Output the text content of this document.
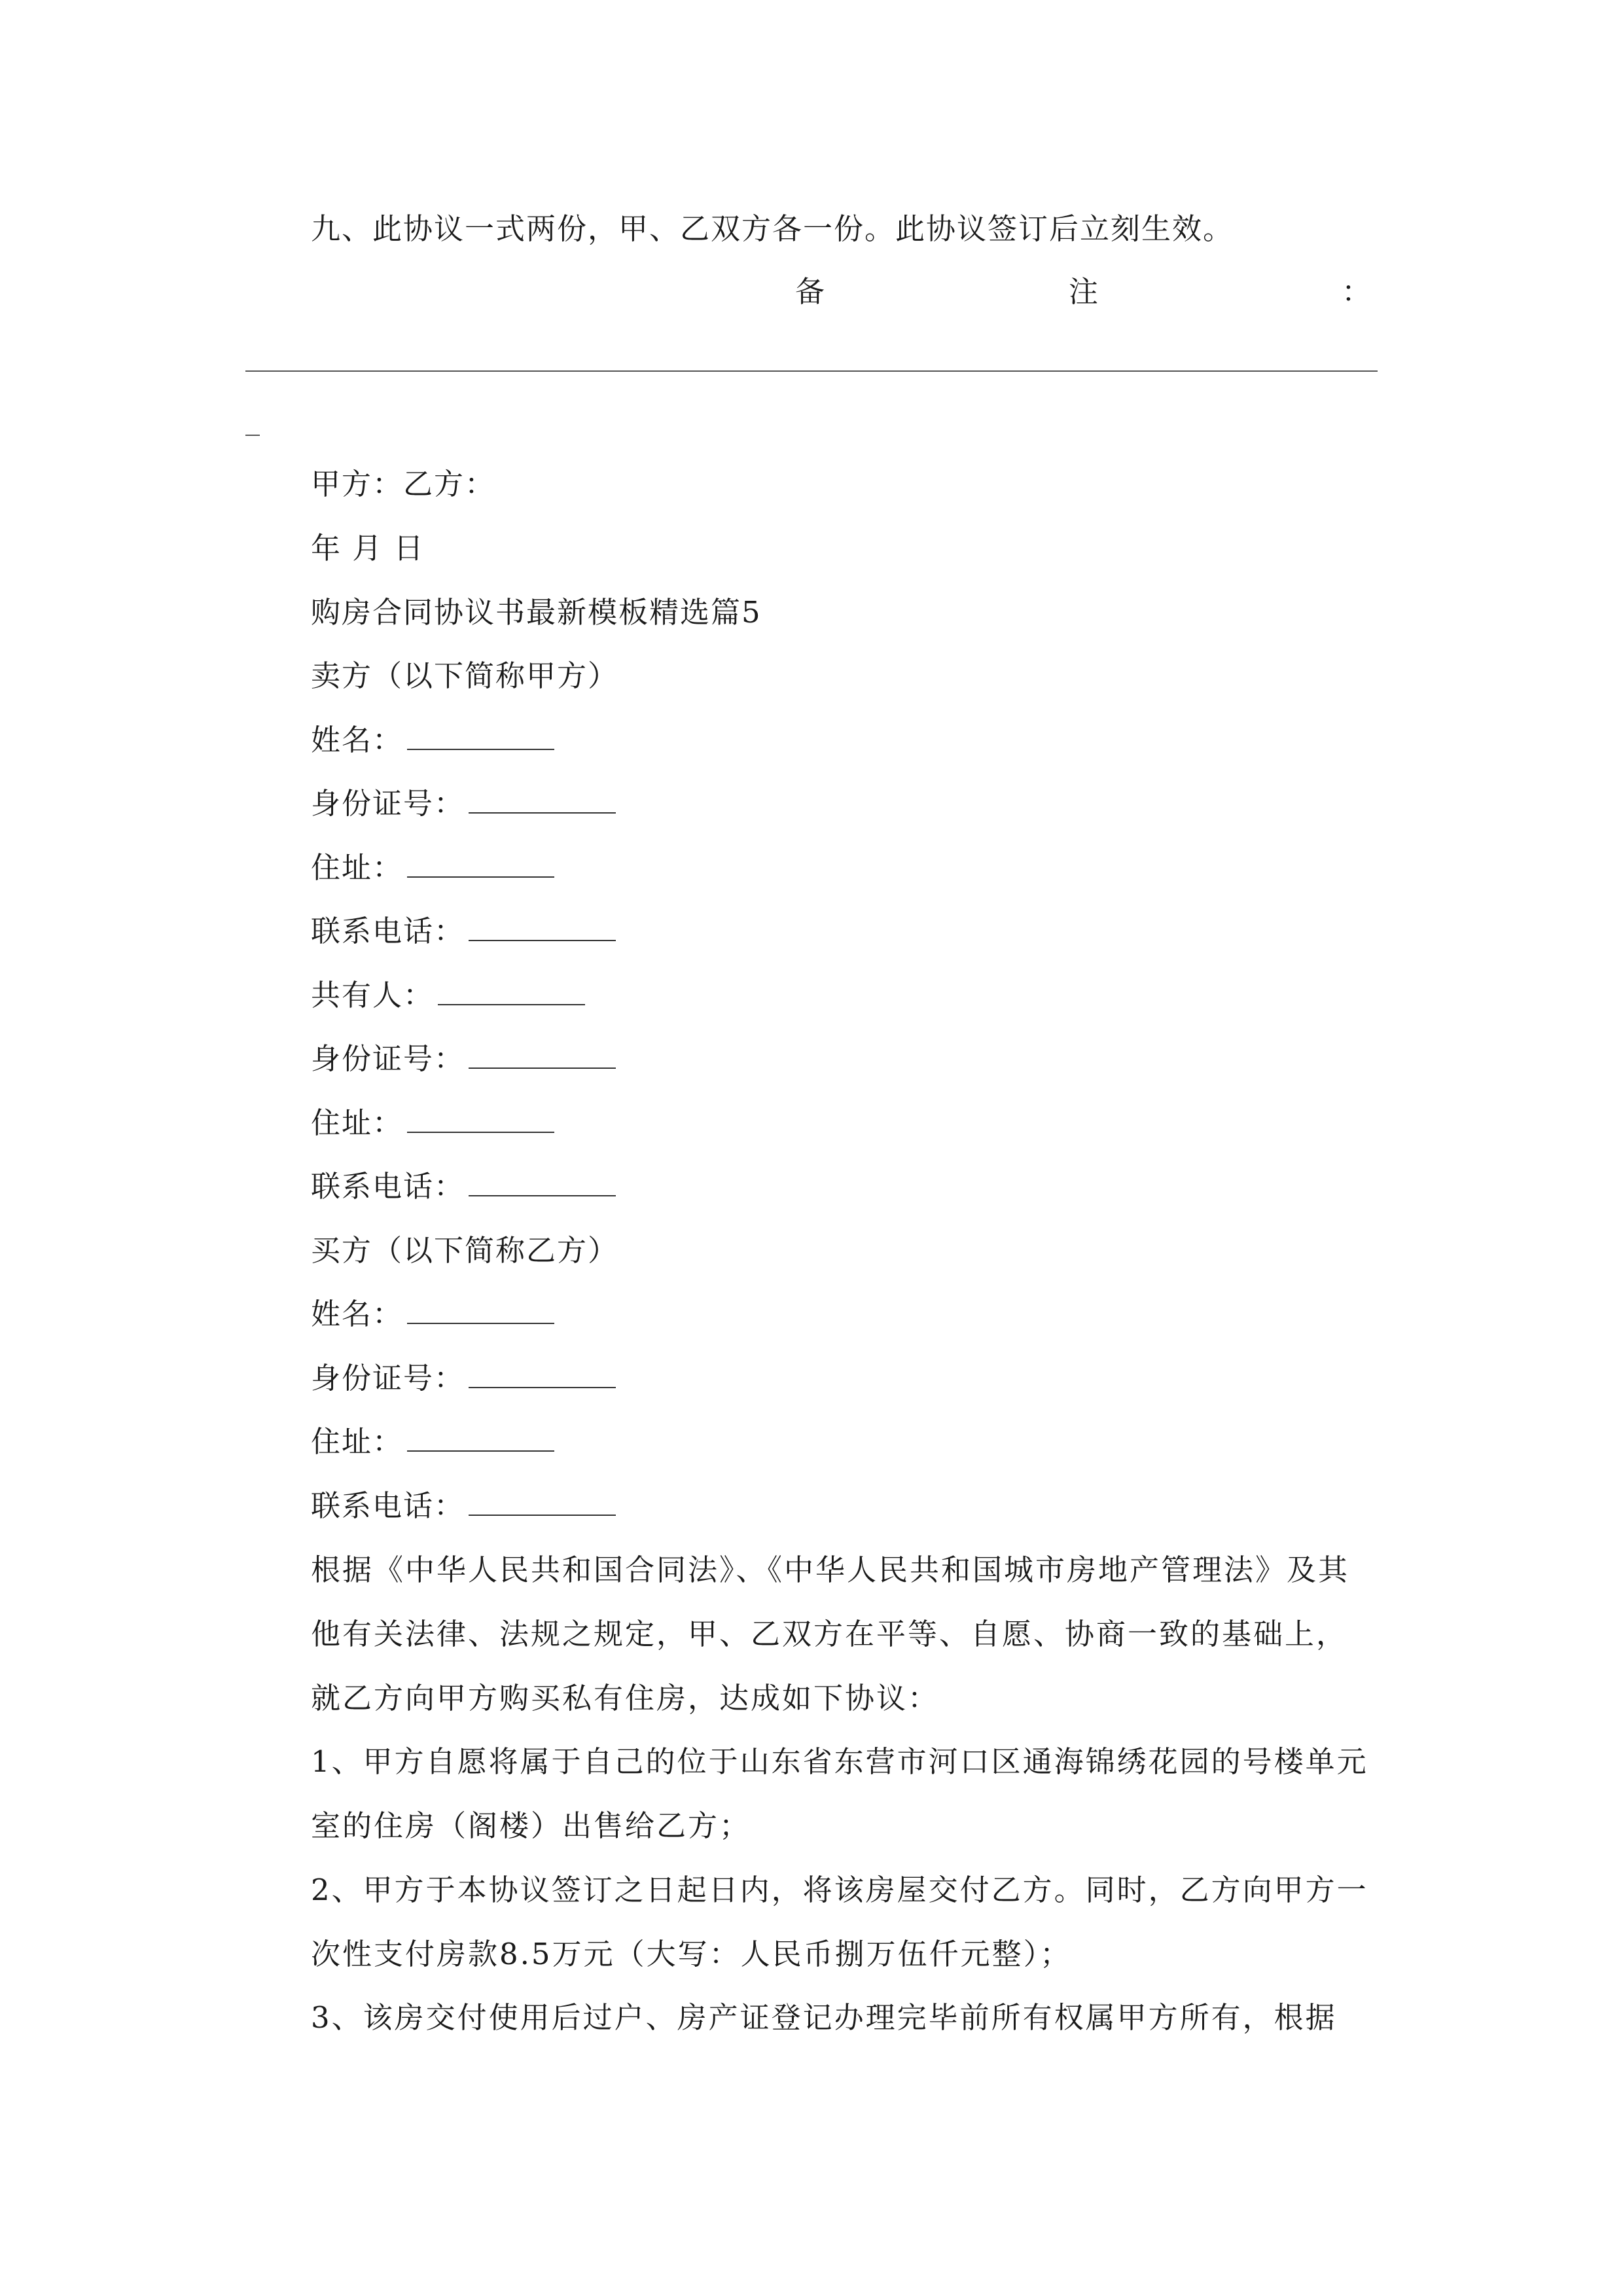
九、此协议一式两份，甲、乙双方各一份。此协议签订后立刻生效。
备	注	：
甲方：乙方：
年 月 日
购房合同协议书最新模板精选篇5
卖方（以下简称甲方）
姓名：
身份证号：
住址：
联系电话：
共有人：
身份证号：
住址：
联系电话：
买方（以下简称乙方）
姓名：
身份证号：
住址：
联系电话：
根据《中华人民共和国合同法》、《中华人民共和国城市房地产管理法》及其他有关法律、法规之规定，甲、乙双方在平等、自愿、协商一致的基础上，就乙方向甲方购买私有住房，达成如下协议：
1、甲方自愿将属于自己的位于山东省东营市河口区通海锦绣花园的号楼单元室的住房（阁楼）出售给乙方；
2、甲方于本协议签订之日起日内，将该房屋交付乙方。同时，乙方向甲方一次性支付房款8.5万元（大写：人民币捌万伍仟元整）；
3、该房交付使用后过户、房产证登记办理完毕前所有权属甲方所有，根据
